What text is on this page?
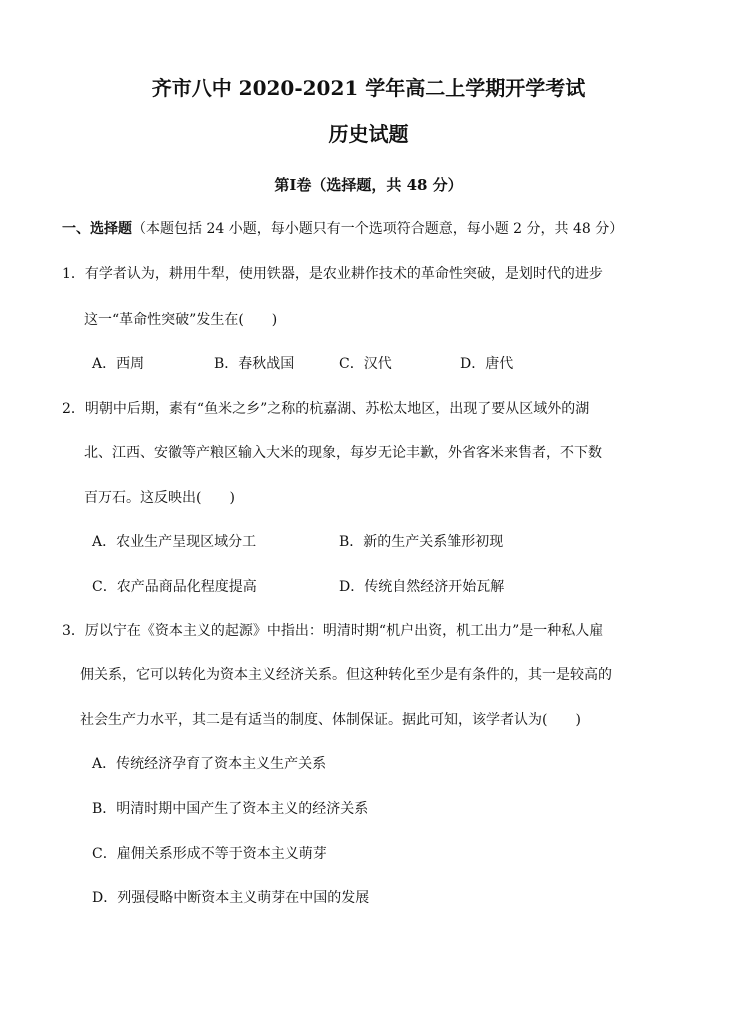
齐市八中 2020-2021 学年高二上学期开学考试
历史试题
第Ⅰ卷（选择题，共 48 分）
一、选择题（本题包括 24 小题，每小题只有一个选项符合题意，每小题 2 分，共 48 分）
1．有学者认为，耕用牛犁，使用铁器，是农业耕作技术的革命性突破，是划时代的进步
这一“革命性突破”发生在(　　)
A．西周	B．春秋战国	C．汉代	D．唐代
2．明朝中后期，素有“鱼米之乡”之称的杭嘉湖、苏松太地区，出现了要从区域外的湖
北、江西、安徽等产粮区输入大米的现象，每岁无论丰歉，外省客米来售者，不下数
百万石。这反映出(　　)
A．农业生产呈现区域分工	B．新的生产关系雏形初现
C．农产品商品化程度提高	D．传统自然经济开始瓦解
3．厉以宁在《资本主义的起源》中指出：明清时期“机户出资，机工出力”是一种私人雇
佣关系，它可以转化为资本主义经济关系。但这种转化至少是有条件的，其一是较高的
社会生产力水平，其二是有适当的制度、体制保证。据此可知，该学者认为(　　)
A．传统经济孕育了资本主义生产关系
B．明清时期中国产生了资本主义的经济关系
C．雇佣关系形成不等于资本主义萌芽
D．列强侵略中断资本主义萌芽在中国的发展
